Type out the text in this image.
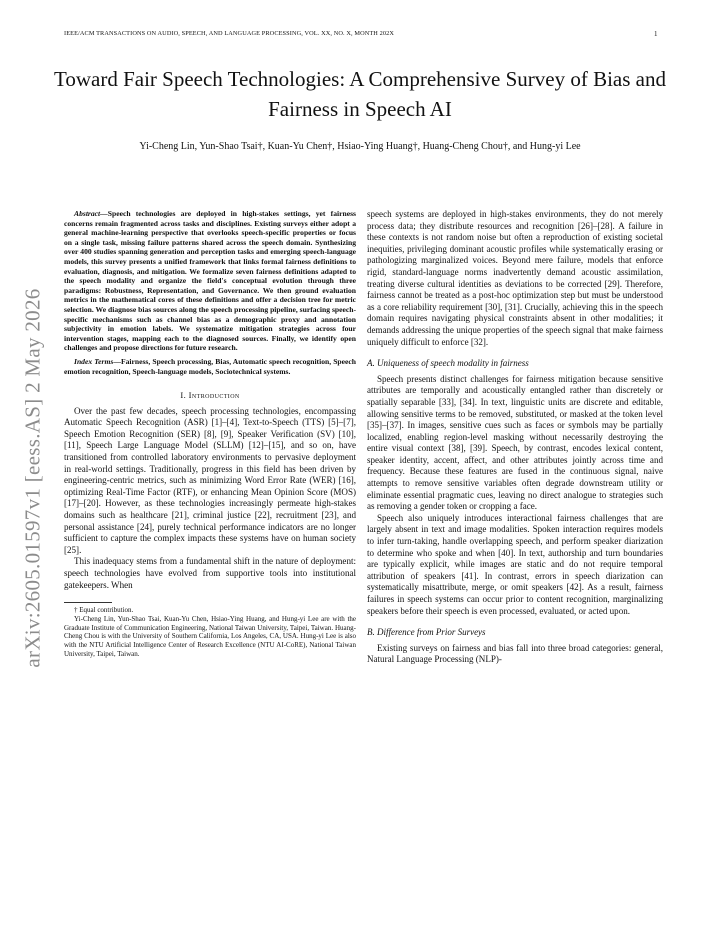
IEEE/ACM TRANSACTIONS ON AUDIO, SPEECH, AND LANGUAGE PROCESSING, VOL. XX, NO. X, MONTH 202X	1
arXiv:2605.01597v1 [eess.AS] 2 May 2026
Toward Fair Speech Technologies: A Comprehensive Survey of Bias and Fairness in Speech AI
Yi-Cheng Lin, Yun-Shao Tsai†, Kuan-Yu Chen†, Hsiao-Ying Huang†, Huang-Cheng Chou†, and Hung-yi Lee

Abstract—Speech technologies are deployed in high-stakes settings, yet fairness concerns remain fragmented across tasks and disciplines. Existing surveys either adopt a general machine-learning perspective that overlooks speech-specific properties or focus on a single task, missing failure patterns shared across the speech domain. Synthesizing over 400 studies spanning generation and perception tasks and emerging speech-language models, this survey presents a unified framework that links formal fairness definitions to evaluation, diagnosis, and mitigation. We formalize seven fairness definitions adapted to the speech modality and organize the field's conceptual evolution through three paradigms: Robustness, Representation, and Governance. We then ground evaluation metrics in the mathematical cores of these definitions and offer a decision tree for metric selection. We diagnose bias sources along the speech processing pipeline, surfacing speech-specific mechanisms such as channel bias as a demographic proxy and annotation subjectivity in emotion labels. We systematize mitigation strategies across four intervention stages, mapping each to the diagnosed sources. Finally, we identify open challenges and propose directions for future research.

Index Terms—Fairness, Speech processing, Bias, Automatic speech recognition, Speech emotion recognition, Speech-language models, Sociotechnical systems.

I. Introduction

Over the past few decades, speech processing technologies, encompassing Automatic Speech Recognition (ASR) [1]–[4], Text-to-Speech (TTS) [5]–[7], Speech Emotion Recognition (SER) [8], [9], Speaker Verification (SV) [10], [11], Speech Large Language Model (SLLM) [12]–[15], and so on, have transitioned from controlled laboratory environments to pervasive deployment in real-world settings. Traditionally, progress in this field has been driven by engineering-centric metrics, such as minimizing Word Error Rate (WER) [16], optimizing Real-Time Factor (RTF), or enhancing Mean Opinion Score (MOS) [17]–[20]. However, as these technologies increasingly permeate high-stakes domains such as healthcare [21], criminal justice [22], recruitment [23], and personal assistance [24], purely technical performance indicators are no longer sufficient to capture the complex impacts these systems have on human society [25].

This inadequacy stems from a fundamental shift in the nature of deployment: speech technologies have evolved from supportive tools into institutional gatekeepers. When

† Equal contribution.

Yi-Cheng Lin, Yun-Shao Tsai, Kuan-Yu Chen, Hsiao-Ying Huang, and Hung-yi Lee are with the Graduate Institute of Communication Engineering, National Taiwan University, Taipei, Taiwan. Huang-Cheng Chou is with the University of Southern California, Los Angeles, CA, USA. Hung-yi Lee is also with the NTU Artificial Intelligence Center of Research Excellence (NTU AI-CoRE), National Taiwan University, Taipei, Taiwan.

speech systems are deployed in high-stakes environments, they do not merely process data; they distribute resources and recognition [26]–[28]. A failure in these contexts is not random noise but often a reproduction of existing societal inequities, privileging dominant acoustic profiles while systematically erasing or pathologizing marginalized voices. Beyond mere failure, models that enforce rigid, standard-language norms inadvertently demand acoustic assimilation, treating diverse cultural identities as deviations to be corrected [29]. Therefore, fairness cannot be treated as a post-hoc optimization step but must be understood as a core reliability requirement [30], [31]. Crucially, achieving this in the speech domain requires navigating physical constraints absent in other modalities; it demands addressing the unique properties of the speech signal that make fairness uniquely difficult to enforce [32].

A. Uniqueness of speech modality in fairness

Speech presents distinct challenges for fairness mitigation because sensitive attributes are temporally and acoustically entangled rather than discretely or spatially separable [33], [34]. In text, linguistic units are discrete and editable, allowing sensitive terms to be removed, substituted, or masked at the token level [35]–[37]. In images, sensitive cues such as faces or symbols may be partially localized, enabling region-level masking without necessarily destroying the entire visual context [38], [39]. Speech, by contrast, encodes lexical content, speaker identity, accent, affect, and other attributes jointly across time and frequency. Because these features are fused in the continuous signal, naive attempts to remove sensitive variables often degrade downstream utility or eliminate essential pragmatic cues, leaving no direct analogue to strategies such as removing a gender token or cropping a face.

Speech also uniquely introduces interactional fairness challenges that are largely absent in text and image modalities. Spoken interaction requires models to infer turn-taking, handle overlapping speech, and perform speaker diarization to determine who spoke and when [40]. In text, authorship and turn boundaries are typically explicit, while images are static and do not require temporal attribution of speakers [41]. In contrast, errors in speech diarization can systematically misattribute, merge, or omit speakers [42]. As a result, fairness failures in speech systems can occur prior to content recognition, marginalizing speakers before their speech is even processed, evaluated, or acted upon.

B. Difference from Prior Surveys

Existing surveys on fairness and bias fall into three broad categories: general, Natural Language Processing (NLP)-
